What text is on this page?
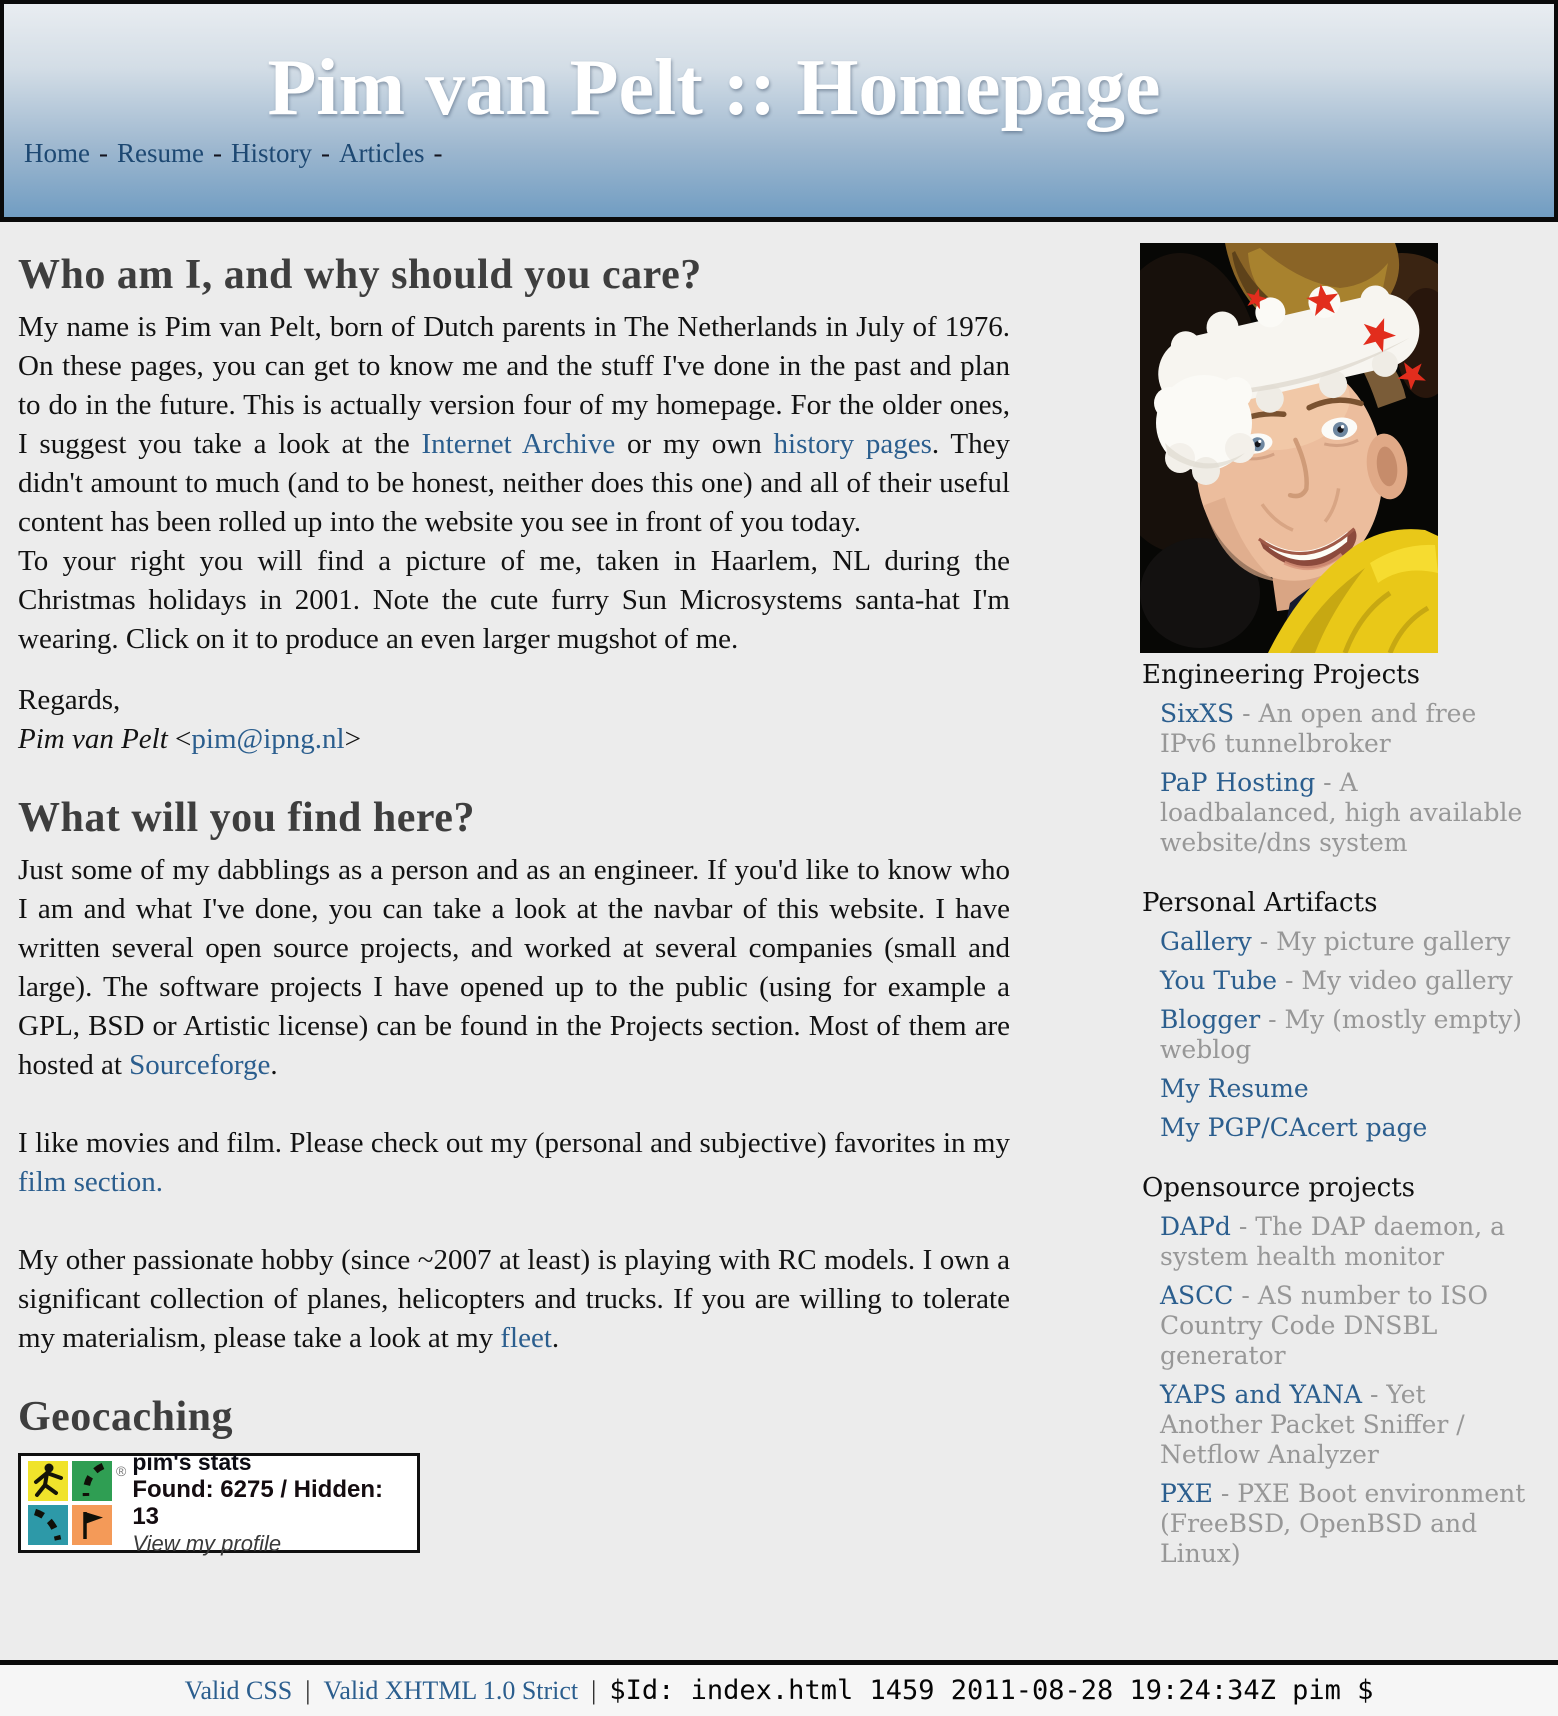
Pim van Pelt :: Homepage
Home - Resume - History - Articles -
Who am I, and why should you care?

My name is Pim van Pelt, born of Dutch parents in The Netherlands in July of 1976. On these pages, you can get to know me and the stuff I've done in the past and plan to do in the future. This is actually version four of my homepage. For the older ones, I suggest you take a look at the Internet Archive or my own history pages. They didn't amount to much (and to be honest, neither does this one) and all of their useful content has been rolled up into the website you see in front of you today.

To your right you will find a picture of me, taken in Haarlem, NL during the Christmas holidays in 2001. Note the cute furry Sun Microsystems santa-hat I'm wearing. Click on it to produce an even larger mugshot of me.

Regards,

Pim van Pelt <pim@ipng.nl>

What will you find here?

Just some of my dabblings as a person and as an engineer. If you'd like to know who I am and what I've done, you can take a look at the navbar of this website. I have written several open source projects, and worked at several companies (small and large). The software projects I have opened up to the public (using for example a GPL, BSD or Artistic license) can be found in the Projects section. Most of them are hosted at Sourceforge.

I like movies and film. Please check out my (personal and subjective) favorites in my film section.

My other passionate hobby (since ~2007 at least) is playing with RC models. I own a significant collection of planes, helicopters and trucks. If you are willing to tolerate my materialism, please take a look at my fleet.

Geocaching
® pim's stats
Found: 6275 / Hidden: 13
View my profile
Engineering Projects
SixXS - An open and free IPv6 tunnelbroker
PaP Hosting - A loadbalanced, high available website/dns system
Personal Artifacts
Gallery - My picture gallery
You Tube - My video gallery
Blogger - My (mostly empty) weblog
My Resume
My PGP/CAcert page
Opensource projects
DAPd - The DAP daemon, a system health monitor
ASCC - AS number to ISO Country Code DNSBL generator
YAPS and YANA - Yet Another Packet Sniffer / Netflow Analyzer
PXE - PXE Boot environment (FreeBSD, OpenBSD and Linux)
Valid CSS | Valid XHTML 1.0 Strict | $Id: index.html 1459 2011-08-28 19:24:34Z pim $
